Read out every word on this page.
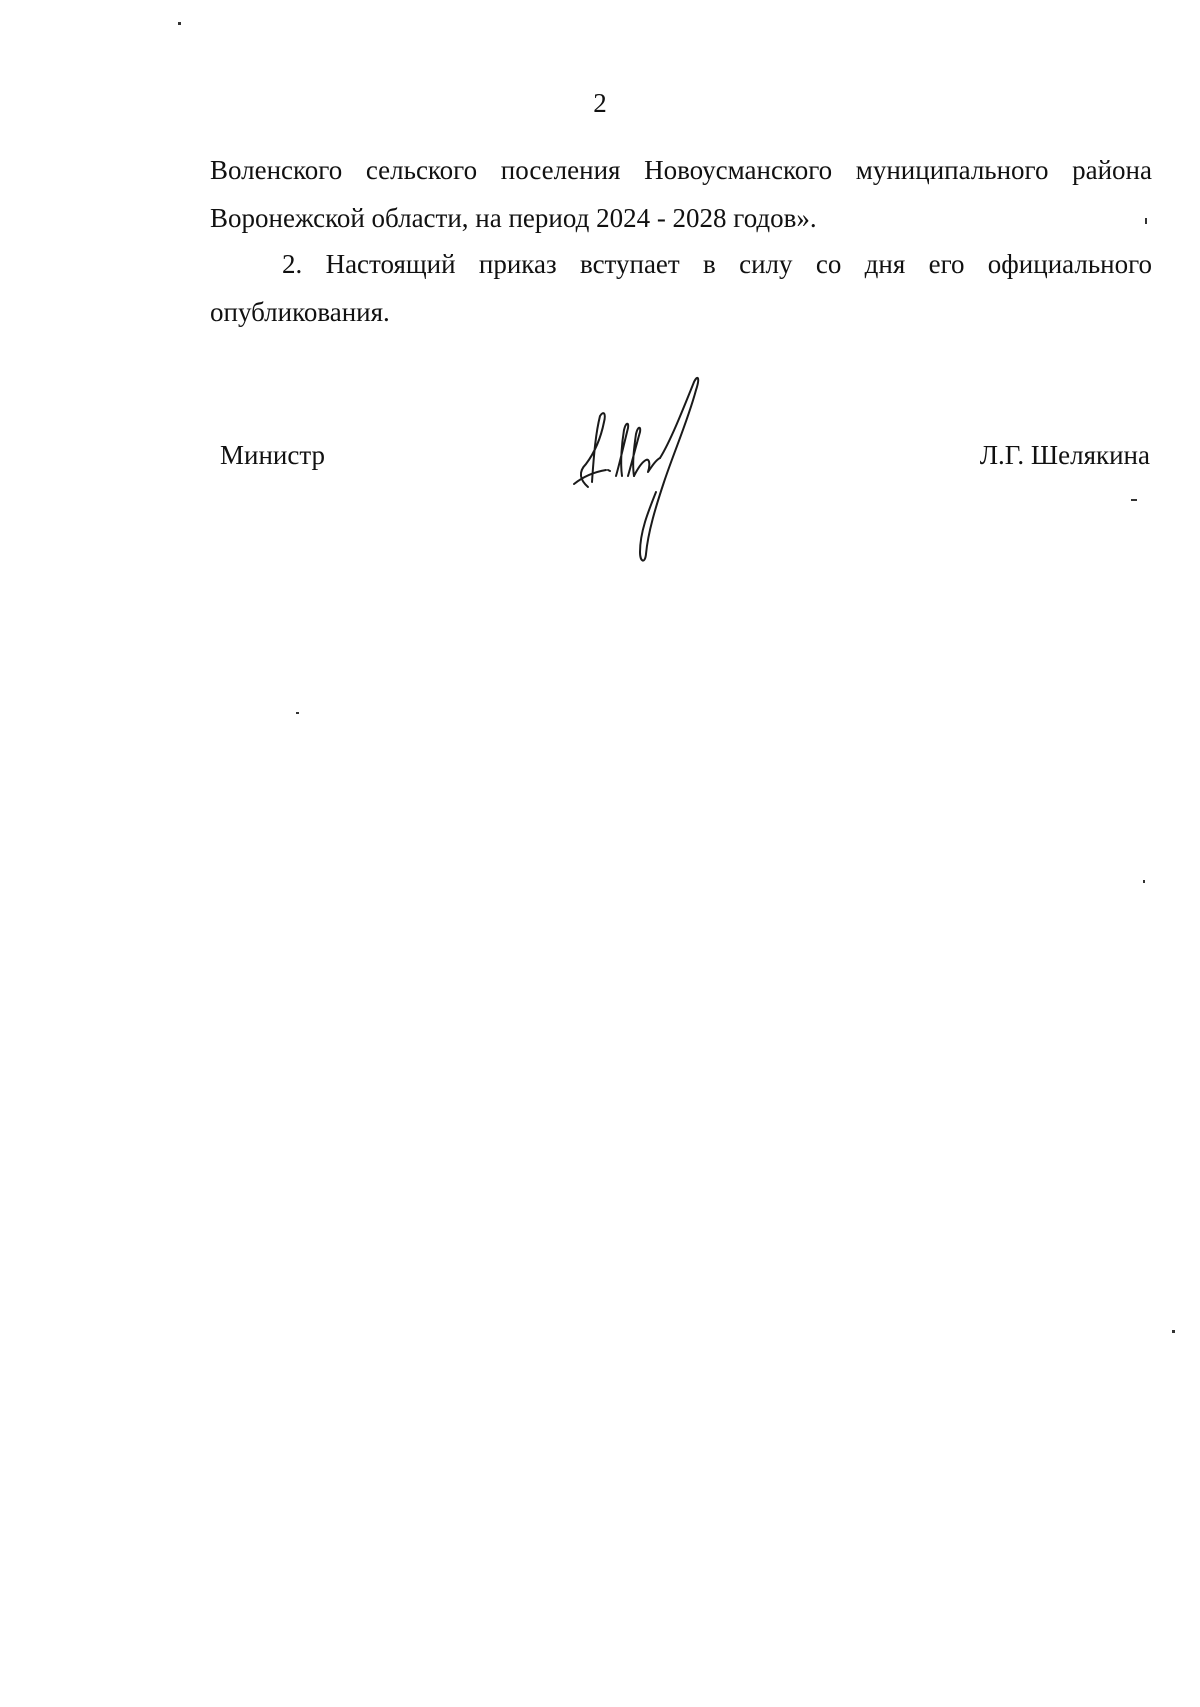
2
Воленского сельского поселения Новоусманского муниципального района
Воронежской области, на период 2024 - 2028 годов».
2. Настоящий приказ вступает в силу со дня его официального
опубликования.
Министр	Л.Г. Шелякина
